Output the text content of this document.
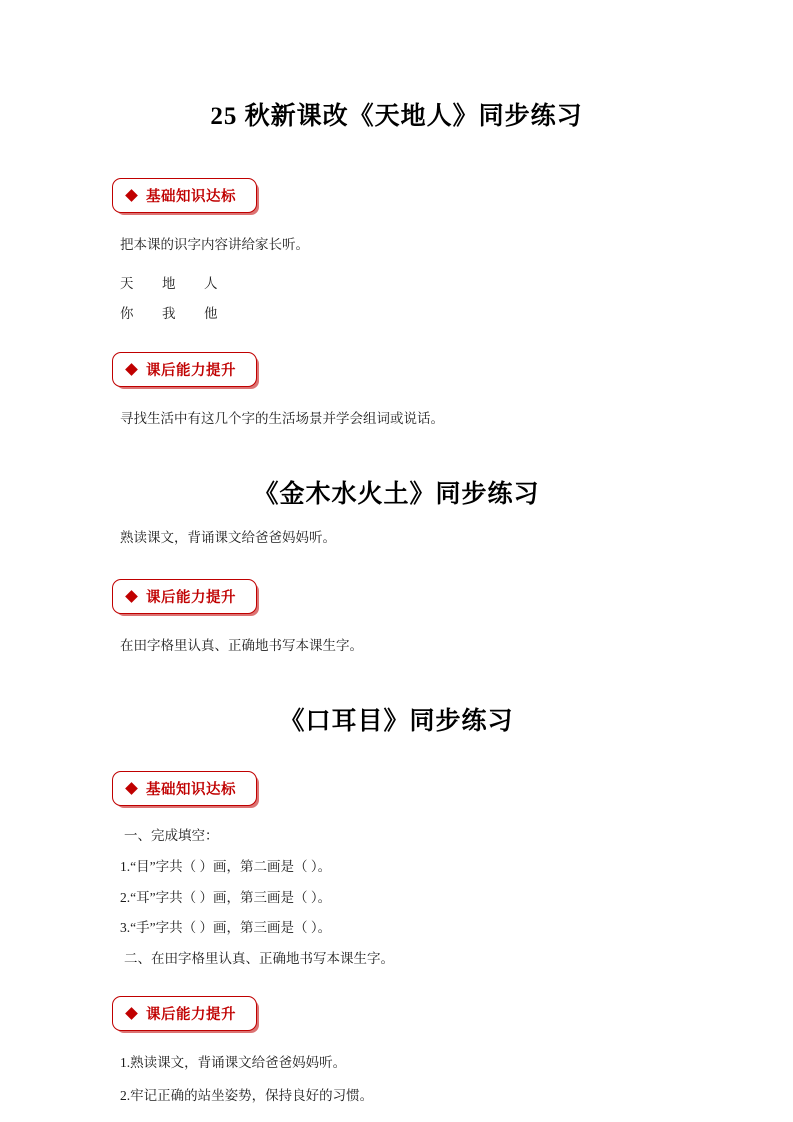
25 秋新课改《天地人》同步练习
基础知识达标

把本课的识字内容讲给家长听。

天 地 人

你 我 他

课后能力提升

寻找生活中有这几个字的生活场景并学会组词或说话。

《金木水火土》同步练习

熟读课文，背诵课文给爸爸妈妈听。

课后能力提升

在田字格里认真、正确地书写本课生字。

《口耳目》同步练习
基础知识达标

一、完成填空：

1.“目”字共（ ）画，第二画是（ ）。

2.“耳”字共（ ）画，第三画是（ ）。

3.“手”字共（ ）画，第三画是（ ）。

二、在田字格里认真、正确地书写本课生字。

课后能力提升

1.熟读课文，背诵课文给爸爸妈妈听。

2.牢记正确的站坐姿势，保持良好的习惯。
